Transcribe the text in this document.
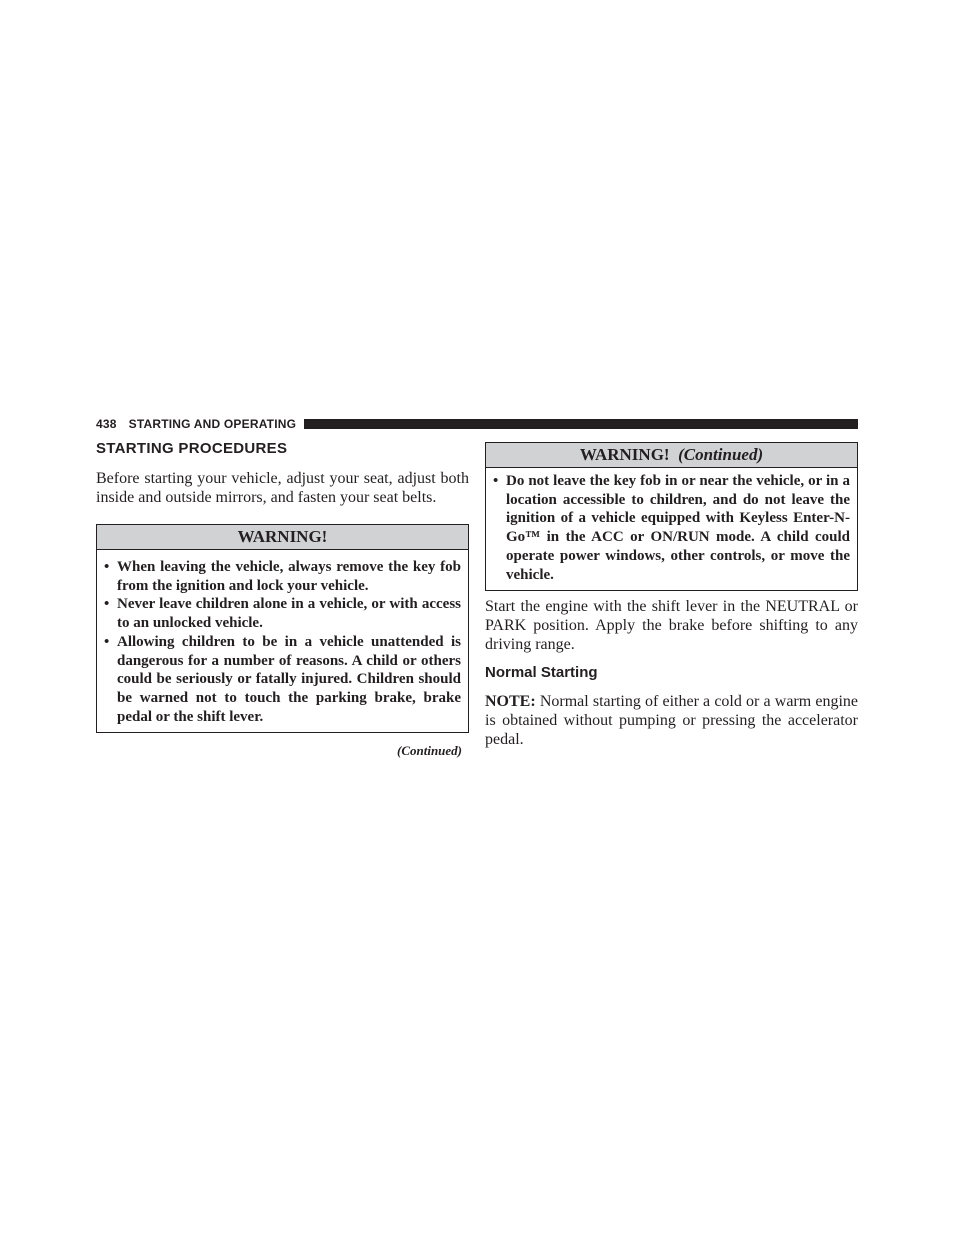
438 STARTING AND OPERATING
STARTING PROCEDURES

Before starting your vehicle, adjust your seat, adjust both inside and outside mirrors, and fasten your seat belts.

WARNING!
• When leaving the vehicle, always remove the key fob from the ignition and lock your vehicle.
• Never leave children alone in a vehicle, or with access to an unlocked vehicle.
• Allowing children to be in a vehicle unattended is dangerous for a number of reasons. A child or others could be seriously or fatally injured. Children should be warned not to touch the parking brake, brake pedal or the shift lever.
(Continued)
WARNING! (Continued)
• Do not leave the key fob in or near the vehicle, or in a location accessible to children, and do not leave the ignition of a vehicle equipped with Keyless Enter-N-Go™ in the ACC or ON/RUN mode. A child could operate power windows, other controls, or move the vehicle.

Start the engine with the shift lever in the NEUTRAL or PARK position. Apply the brake before shifting to any driving range.

Normal Starting

NOTE: Normal starting of either a cold or a warm engine is obtained without pumping or pressing the accelerator pedal.
